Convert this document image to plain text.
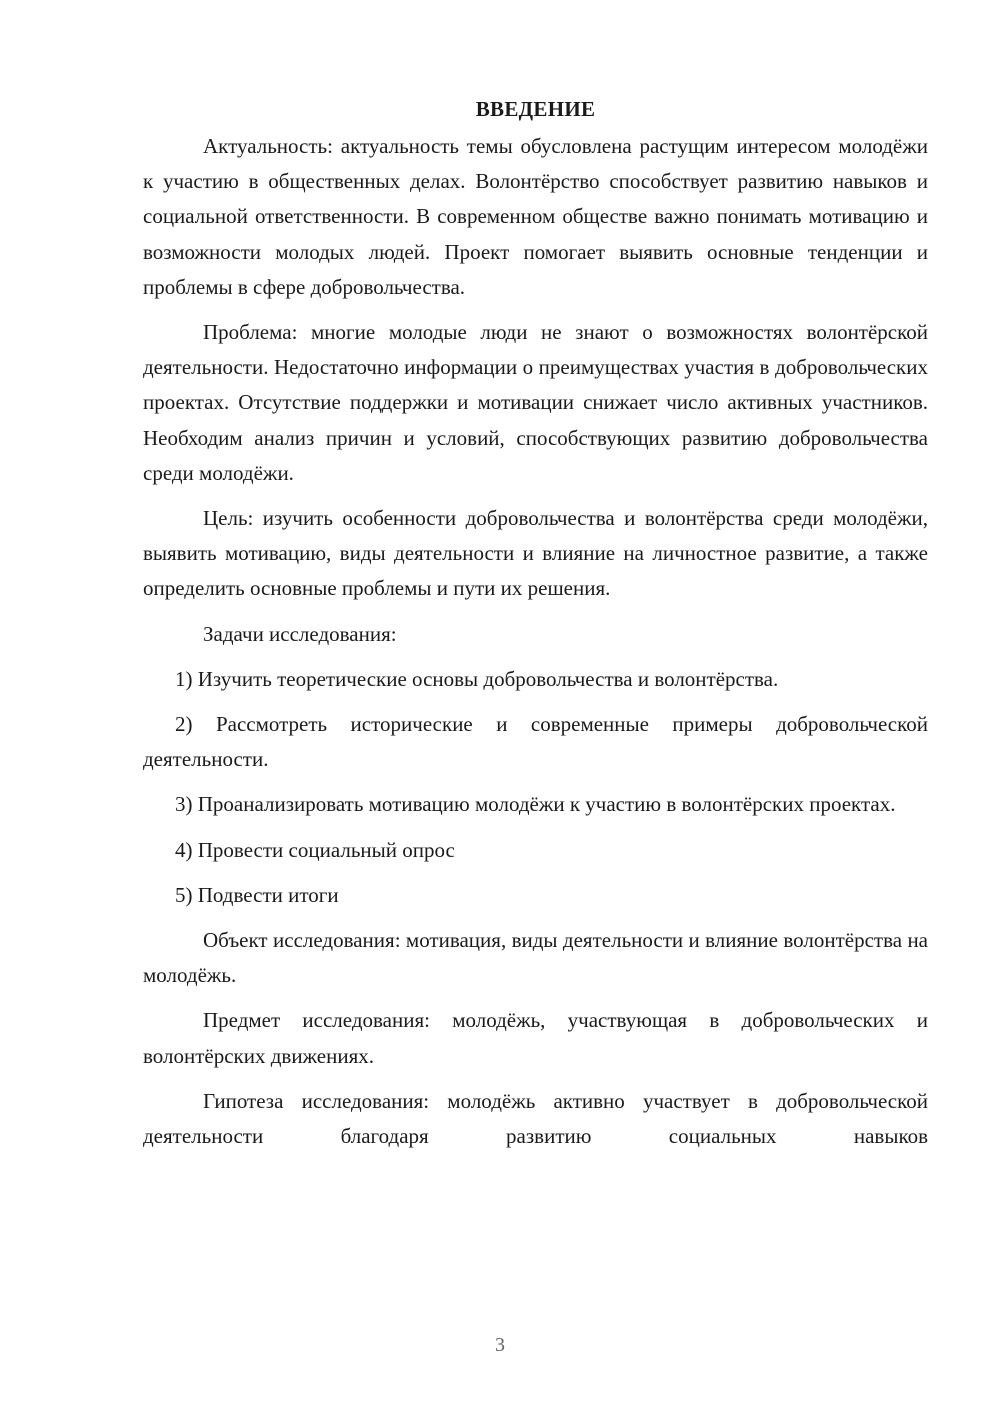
ВВЕДЕНИЕ

Актуальность: актуальность темы обусловлена растущим интересом молодёжи к участию в общественных делах. Волонтёрство способствует развитию навыков и социальной ответственности. В современном обществе важно понимать мотивацию и возможности молодых людей. Проект помогает выявить основные тенденции и проблемы в сфере добровольчества.

Проблема: многие молодые люди не знают о возможностях волонтёрской деятельности. Недостаточно информации о преимуществах участия в добровольческих проектах. Отсутствие поддержки и мотивации снижает число активных участников. Необходим анализ причин и условий, способствующих развитию добровольчества среди молодёжи.

Цель: изучить особенности добровольчества и волонтёрства среди молодёжи, выявить мотивацию, виды деятельности и влияние на личностное развитие, а также определить основные проблемы и пути их решения.

Задачи исследования:

1) Изучить теоретические основы добровольчества и волонтёрства.

2) Рассмотреть исторические и современные примеры добровольческой деятельности.

3) Проанализировать мотивацию молодёжи к участию в волонтёрских проектах.

4) Провести социальный опрос

5) Подвести итоги

Объект исследования: мотивация, виды деятельности и влияние волонтёрства на молодёжь.

Предмет исследования: молодёжь, участвующая в добровольческих и волонтёрских движениях.

Гипотеза исследования: молодёжь активно участвует в добровольческой деятельности благодаря развитию социальных навыков

3
